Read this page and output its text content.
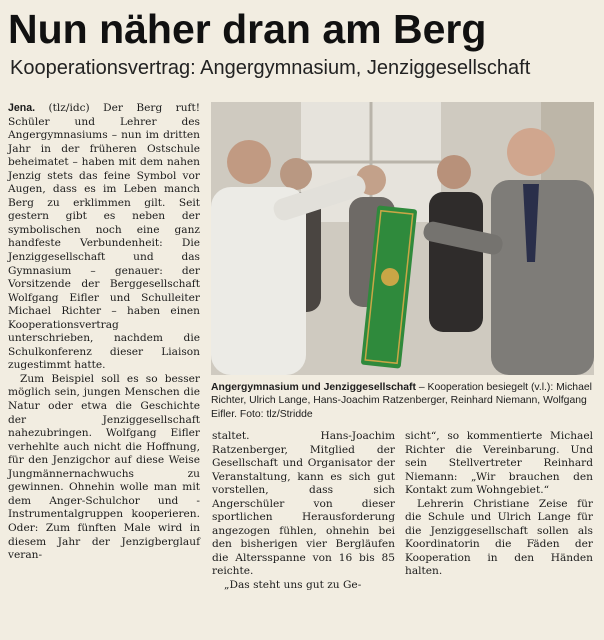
Nun näher dran am Berg
Kooperationsvertrag: Angergymnasium, Jenziggesellschaft

Jena. (tlz/idc) Der Berg ruft! Schüler und Lehrer des Angergymnasiums – nun im dritten Jahr in der früheren Ostschule beheimatet – haben mit dem nahen Jenzig stets das feine Symbol vor Augen, dass es im Leben manch Berg zu erklimmen gilt. Seit gestern gibt es neben der symbolischen noch eine ganz handfeste Verbundenheit: Die Jenziggesellschaft und das Gymnasium – genauer: der Vorsitzende der Berggesellschaft Wolfgang Eifler und Schulleiter Michael Richter – haben einen Kooperationsvertrag unterschrieben, nachdem die Schulkonferenz dieser Liaison zugestimmt hatte.

Zum Beispiel soll es so besser möglich sein, jungen Menschen die Natur oder etwa die Geschichte der Jenziggesellschaft nahezubringen. Wolfgang Eifler verhehlte auch nicht die Hoffnung, für den Jenzigchor auf diese Weise Jungmännernachwuchs zu gewinnen. Ohnehin wolle man mit dem Anger-Schulchor und -Instrumentalgruppen kooperieren. Oder: Zum fünften Male wird in diesem Jahr der Jenzigberglauf veran-

Angergymnasium und Jenziggesellschaft – Kooperation besiegelt (v.l.): Michael Richter, Ulrich Lange, Hans-Joachim Ratzenberger, Reinhard Niemann, Wolfgang Eifler. Foto: tlz/Stridde

staltet. Hans-Joachim Ratzenberger, Mitglied der Gesellschaft und Organisator der Veranstaltung, kann es sich gut vorstellen, dass sich Angerschüler von dieser sportlichen Herausforderung angezogen fühlen, ohnehin bei den bisherigen vier Bergläufen die Altersspanne von 16 bis 85 reichte.

„Das steht uns gut zu Ge-

sicht“, so kommentierte Michael Richter die Vereinbarung. Und sein Stellvertreter Reinhard Niemann: „Wir brauchen den Kontakt zum Wohngebiet.“

Lehrerin Christiane Zeise für die Schule und Ulrich Lange für die Jenziggesellschaft sollen als Koordinatorin die Fäden der Kooperation in den Händen halten.
